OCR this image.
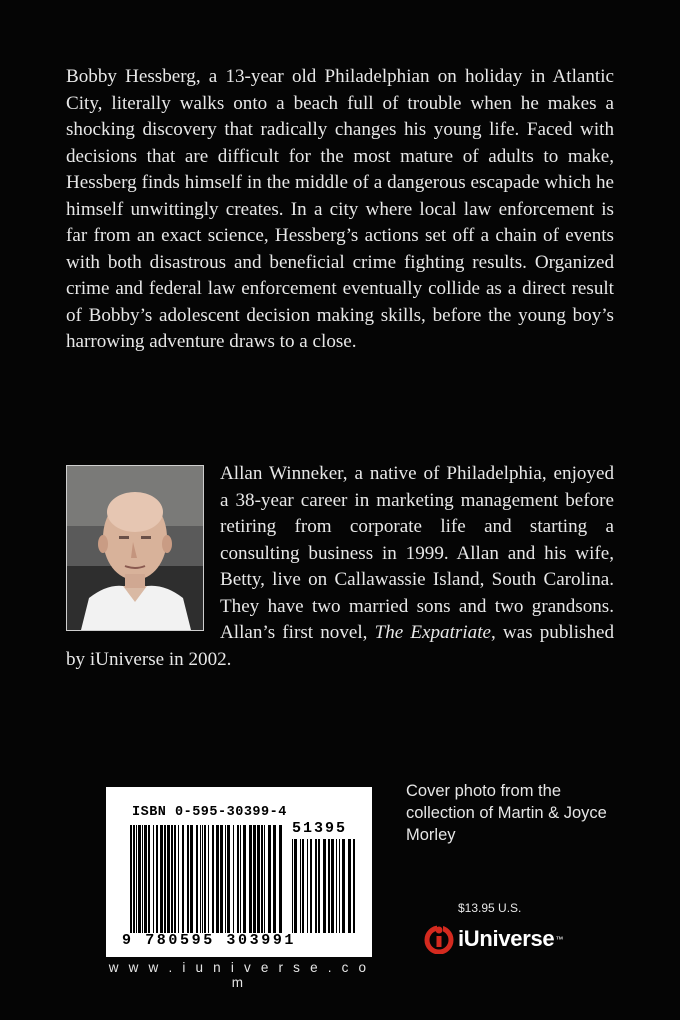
Bobby Hessberg, a 13-year old Philadelphian on holiday in Atlantic City, literally walks onto a beach full of trouble when he makes a shocking discovery that radically changes his young life. Faced with decisions that are difficult for the most mature of adults to make, Hessberg finds himself in the middle of a dangerous escapade which he himself unwittingly creates. In a city where local law enforcement is far from an exact science, Hessberg’s actions set off a chain of events with both disastrous and beneficial crime fighting results. Organized crime and federal law enforcement eventually collide as a direct result of Bobby’s adolescent decision making skills, before the young boy’s harrowing adventure draws to a close.

Allan Winneker, a native of Philadelphia, enjoyed a 38-year career in marketing management before retiring from corporate life and starting a consulting business in 1999. Allan and his wife, Betty, live on Callawassie Island, South Carolina. They have two married sons and two grandsons. Allan’s first novel, The Expatriate, was published by iUniverse in 2002.
ISBN 0-595-30399-4
51395
9 780595 303991
w w w . i u n i v e r s e . c o m
Cover photo from the collection of Martin & Joyce Morley
$13.95 U.S.
iUniverse ™
